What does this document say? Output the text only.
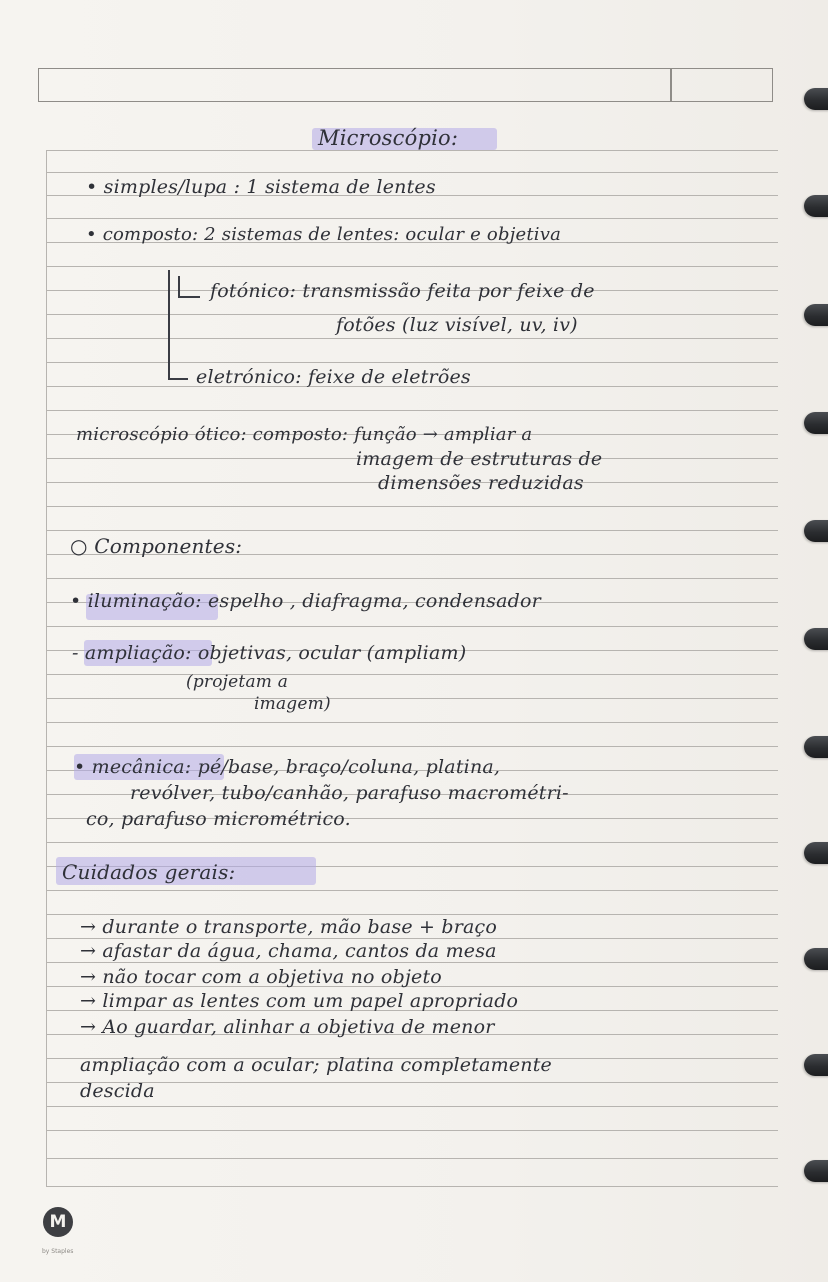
Microscópio:
• simples/lupa : 1 sistema de lentes
• composto: 2 sistemas de lentes: ocular e objetiva
fotónico: transmissão feita por feixe de
fotões (luz visível, uv, iv)
eletrónico: feixe de eletrões
microscópio ótico: composto: função → ampliar a
imagem de estruturas de
dimensões reduzidas
○ Componentes:
• iluminação: espelho , diafragma, condensador
- ampliação: objetivas, ocular (ampliam)
(projetam a
imagem)
• mecânica: pé/base, braço/coluna, platina,
revólver, tubo/canhão, parafuso macrométri-
co, parafuso micrométrico.
Cuidados gerais:
→ durante o transporte, mão base + braço
→ afastar da água, chama, cantos da mesa
→ não tocar com a objetiva no objeto
→ limpar as lentes com um papel apropriado
→ Ao guardar, alinhar a objetiva de menor
ampliação com a ocular; platina completamente
descida
M
by Staples
